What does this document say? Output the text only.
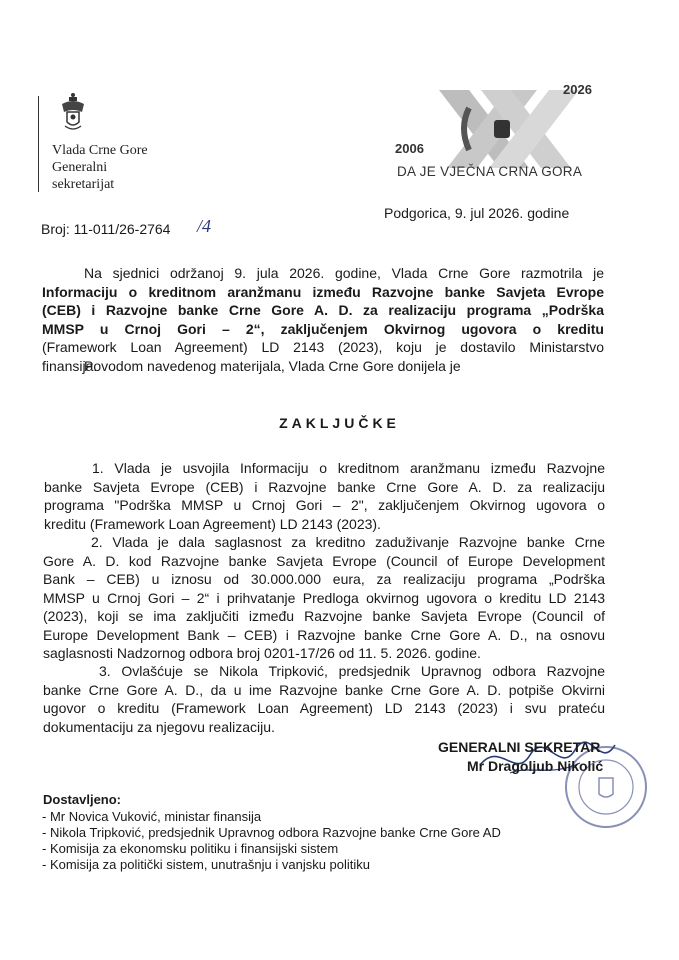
Vlada Crne Gore
Generalni
sekretarijat
2006
2026
DA JE VJEČNA CRNA GORA
Broj: 11-011/26-2764 /4
Podgorica, 9. jul 2026. godine
Na sjednici održanoj 9. jula 2026. godine, Vlada Crne Gore razmotrila je
Informaciju o kreditnom aranžmanu između Razvojne banke Savjeta Evrope
(CEB) i Razvojne banke Crne Gore A. D. za realizaciju programa „Podrška
MMSP u Crnoj Gori – 2“, zaključenjem Okvirnog ugovora o kreditu
(Framework Loan Agreement) LD 2143 (2023), koju je dostavilo Ministarstvo
finansija.
Povodom navedenog materijala, Vlada Crne Gore donijela je
ZAKLJUČKE
1. Vlada je usvojila Informaciju o kreditnom aranžmanu između Razvojne
banke Savjeta Evrope (CEB) i Razvojne banke Crne Gore A. D. za realizaciju
programa "Podrška MMSP u Crnoj Gori – 2", zaključenjem Okvirnog ugovora o
kreditu (Framework Loan Agreement) LD 2143 (2023).
2. Vlada je dala saglasnost za kreditno zaduživanje Razvojne banke Crne
Gore A. D. kod Razvojne banke Savjeta Evrope (Council of Europe Development
Bank – CEB) u iznosu od 30.000.000 eura, za realizaciju programa „Podrška
MMSP u Crnoj Gori – 2“ i prihvatanje Predloga okvirnog ugovora o kreditu LD 2143
(2023), koji se ima zaključiti između Razvojne banke Savjeta Evrope (Council of
Europe Development Bank – CEB) i Razvojne banke Crne Gore A. D., na osnovu
saglasnosti Nadzornog odbora broj 0201-17/26 od 11. 5. 2026. godine.
3. Ovlašćuje se Nikola Tripković, predsjednik Upravnog odbora Razvojne
banke Crne Gore A. D., da u ime Razvojne banke Crne Gore A. D. potpiše Okvirni
ugovor o kreditu (Framework Loan Agreement) LD 2143 (2023) i svu prateću
dokumentaciju za njegovu realizaciju.
GENERALNI SEKRETAR
Mr Dragoljub Nikolić
Dostavljeno:
- Mr Novica Vuković, ministar finansija
- Nikola Tripković, predsjednik Upravnog odbora Razvojne banke Crne Gore AD
- Komisija za ekonomsku politiku i finansijski sistem
- Komisija za politički sistem, unutrašnju i vanjsku politiku
